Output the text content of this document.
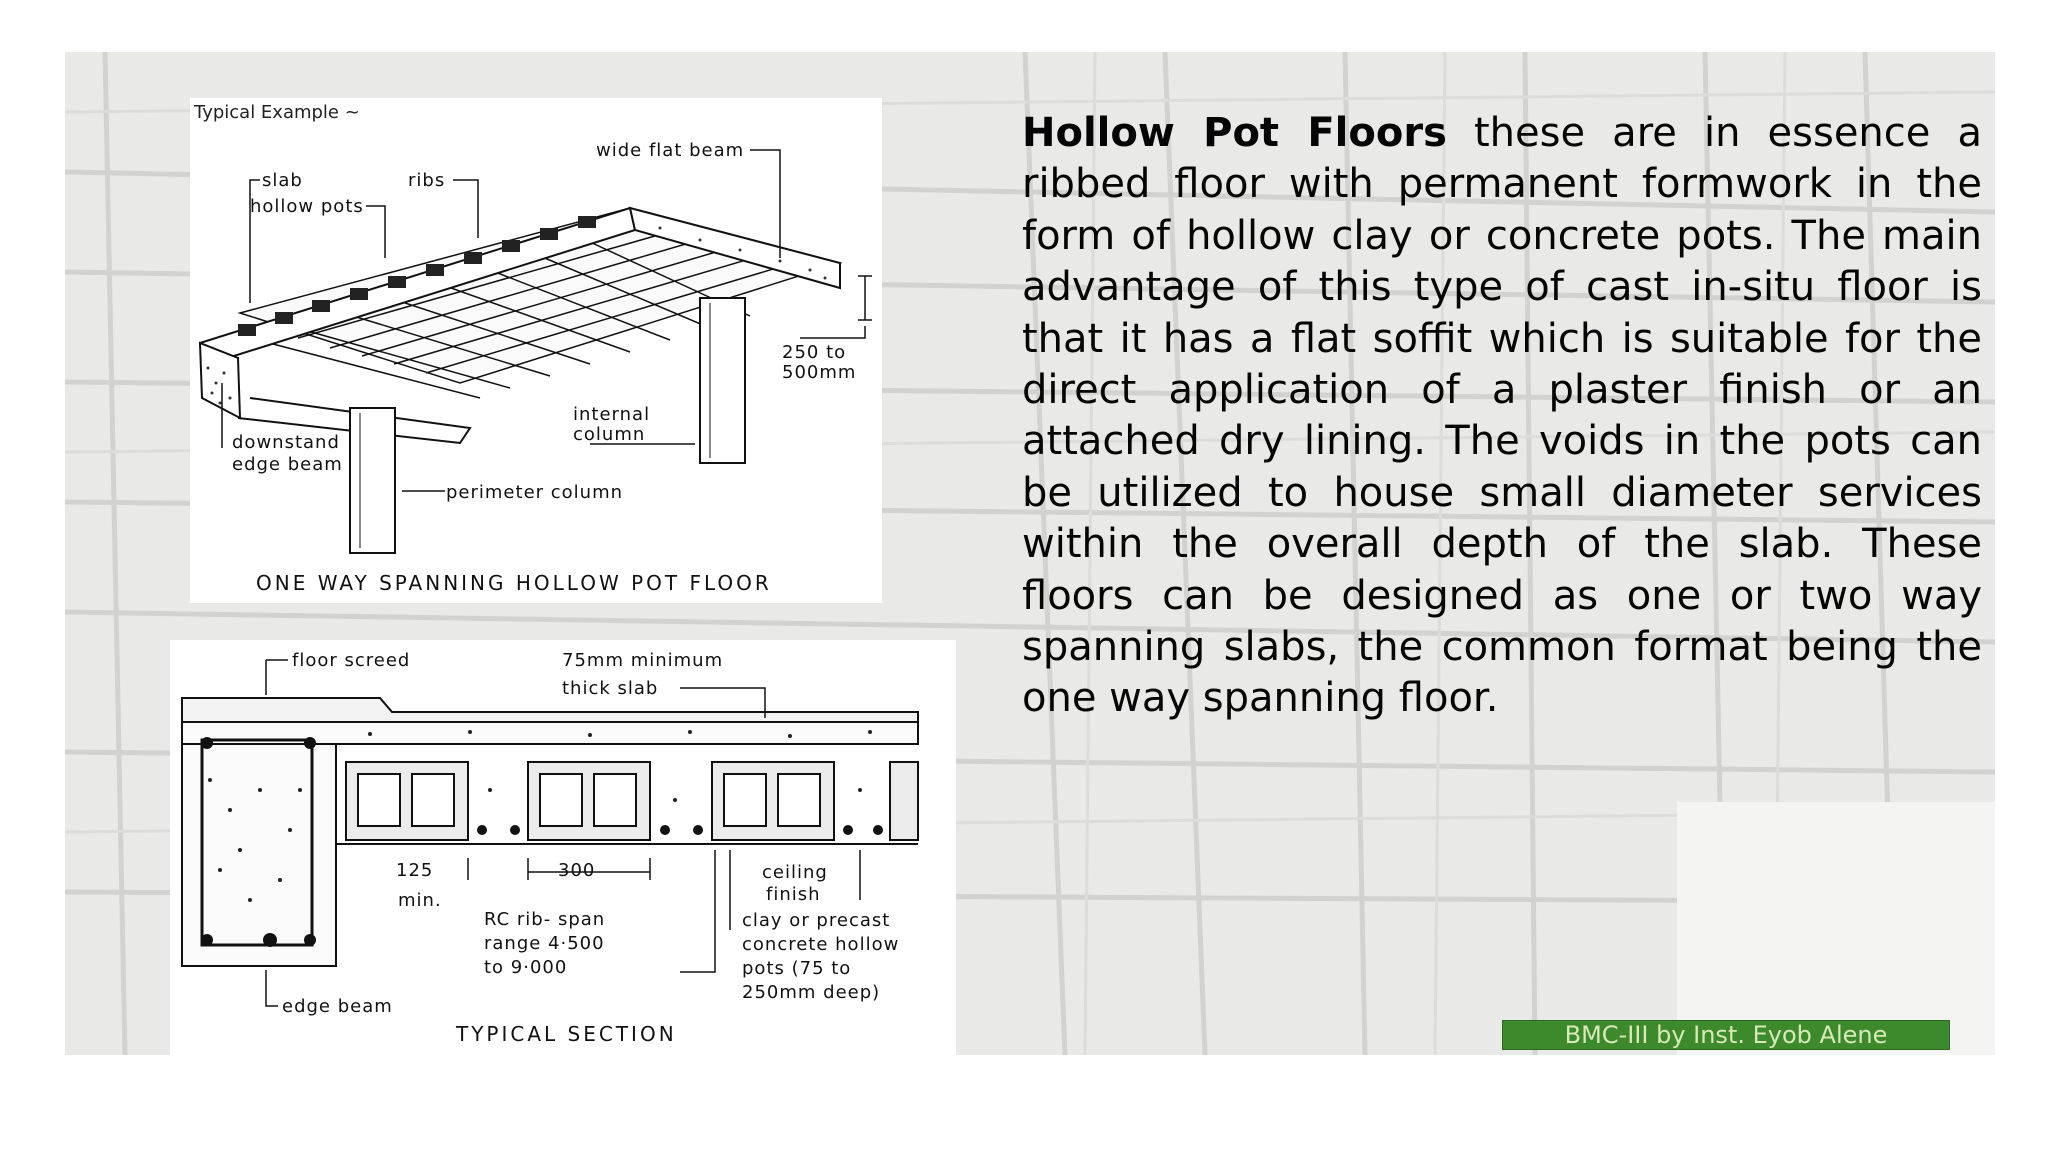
Typical Example ~
slab	ribs
wide flat beam
hollow pots
250 to
500mm
internal
column
downstand
edge beam
perimeter column
ONE WAY SPANNING HOLLOW POT FLOOR
floor screed	75mm minimum
thick slab
125
min.
300	ceiling
finish
RC rib- span
range 4·500
to 9·000
clay or precast
concrete hollow
pots (75 to
250mm deep)
edge beam
TYPICAL SECTION
Hollow Pot Floors these are in essence a ribbed floor with permanent formwork in the form of hollow clay or concrete pots. The main advantage of this type of cast in-situ floor is that it has a flat soffit which is suitable for the direct application of a plaster finish or an attached dry lining. The voids in the pots can be utilized to house small diameter services within the overall depth of the slab. These floors can be designed as one or two way spanning slabs, the common format being the one way spanning floor.
BMC-III by Inst. Eyob Alene
